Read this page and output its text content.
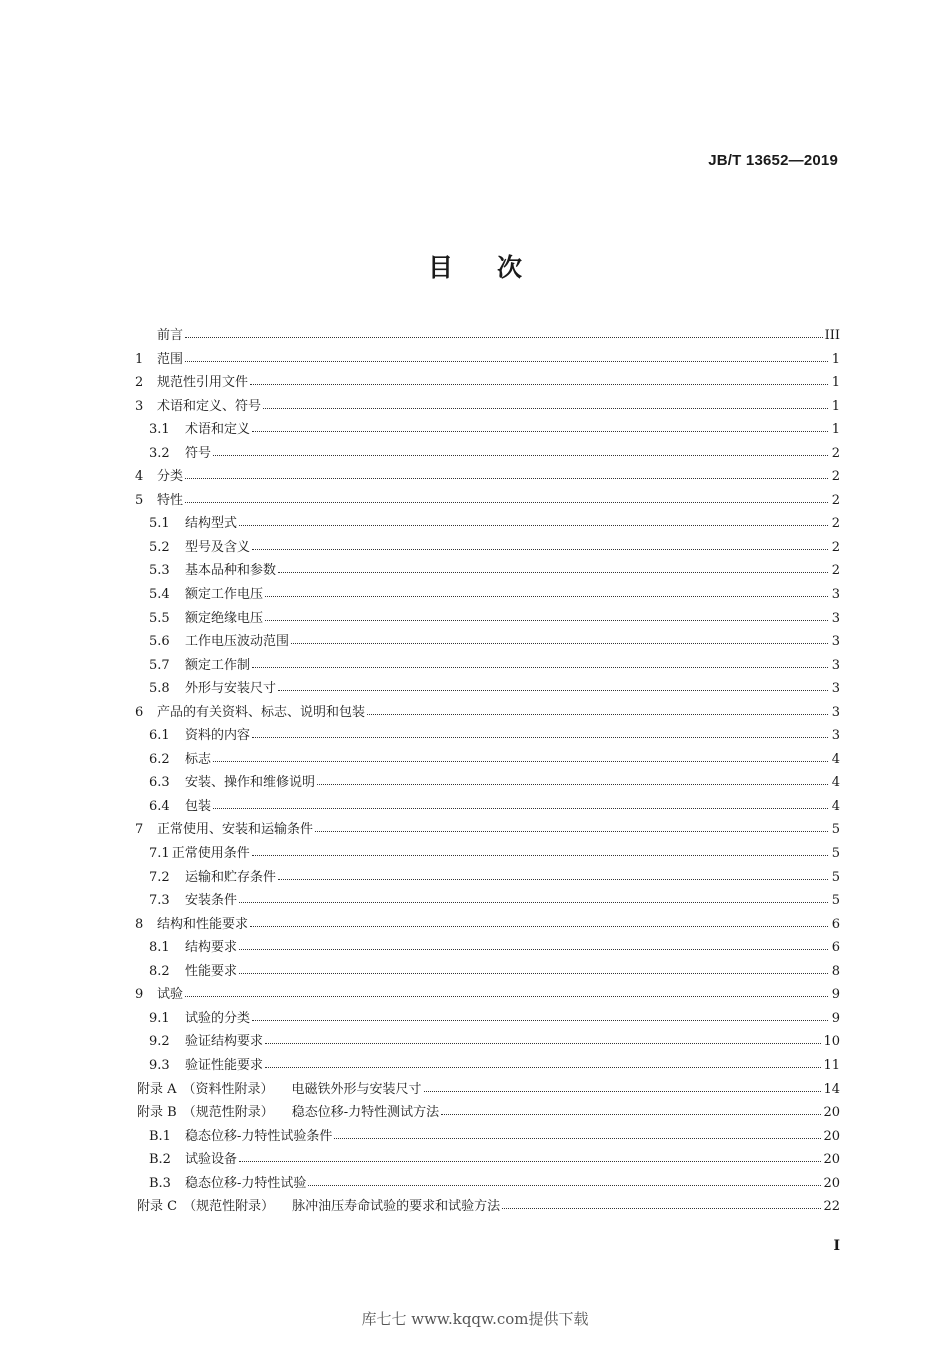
JB/T 13652—2019
目次
前言	III
1	范围	1
2	规范性引用文件	1
3	术语和定义、符号	1
3.1	术语和定义	1
3.2	符号	2
4	分类	2
5	特性	2
5.1	结构型式	2
5.2	型号及含义	2
5.3	基本品种和参数	2
5.4	额定工作电压	3
5.5	额定绝缘电压	3
5.6	工作电压波动范围	3
5.7	额定工作制	3
5.8	外形与安装尺寸	3
6	产品的有关资料、标志、说明和包装	3
6.1	资料的内容	3
6.2	标志	4
6.3	安装、操作和维修说明	4
6.4	包装	4
7	正常使用、安装和运输条件	5
7.1 正常使用条件	5
7.2	运输和贮存条件	5
7.3	安装条件	5
8	结构和性能要求	6
8.1	结构要求	6
8.2	性能要求	8
9	试验	9
9.1	试验的分类	9
9.2	验证结构要求	10
9.3	验证性能要求	11
附录 A （资料性附录） 电磁铁外形与安装尺寸	14
附录 B （规范性附录） 稳态位移-力特性测试方法	20
B.1	稳态位移-力特性试验条件	20
B.2	试验设备	20
B.3	稳态位移-力特性试验	20
附录 C （规范性附录） 脉冲油压寿命试验的要求和试验方法	22
I
库七七 www.kqqw.com提供下载
